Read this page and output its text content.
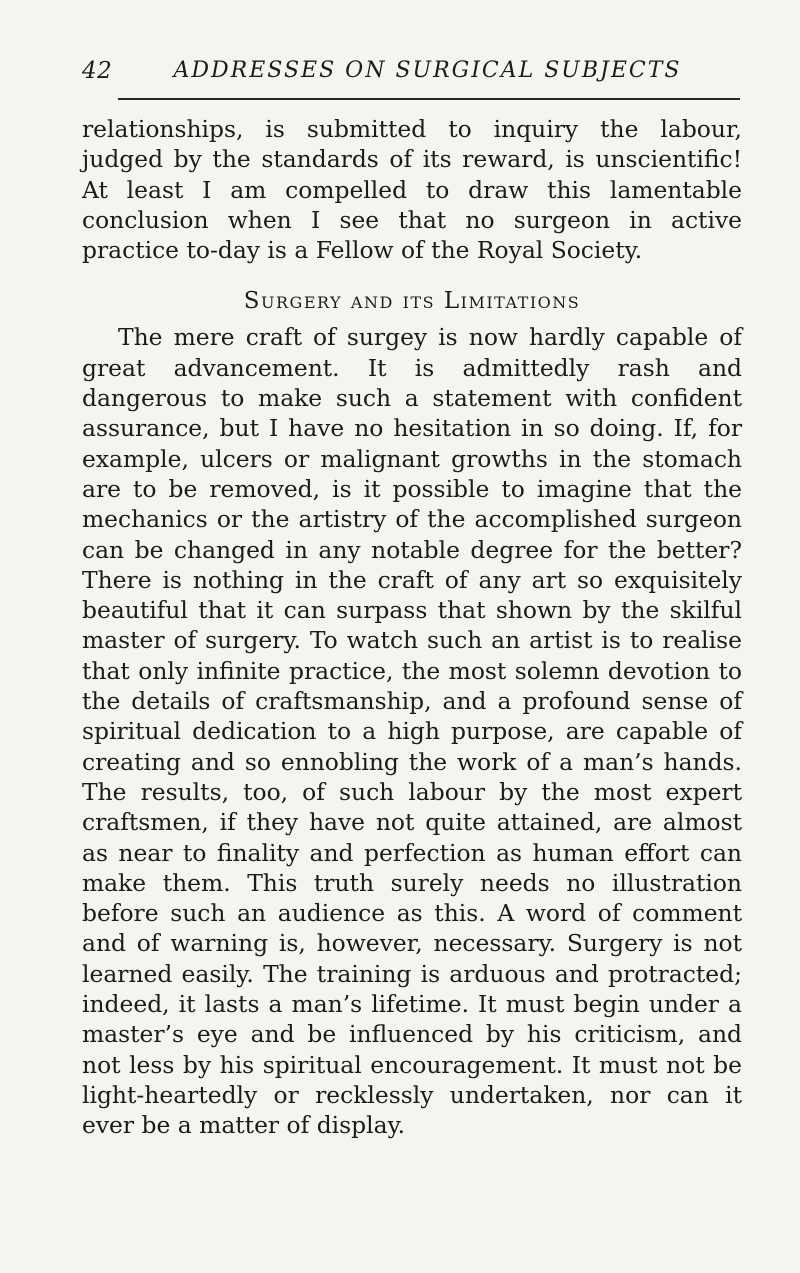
42	ADDRESSES ON SURGICAL SUBJECTS

relationships, is submitted to inquiry the labour, judged by the standards of its reward, is unscientific! At least I am compelled to draw this lamentable conclusion when I see that no surgeon in active practice to-day is a Fellow of the Royal Society.

Surgery and its Limitations

The mere craft of surgey is now hardly capable of great advancement. It is admittedly rash and dangerous to make such a statement with confident assurance, but I have no hesitation in so doing. If, for example, ulcers or malignant growths in the stomach are to be removed, is it possible to imagine that the mechanics or the artistry of the accomplished surgeon can be changed in any notable degree for the better? There is nothing in the craft of any art so exquisitely beautiful that it can surpass that shown by the skilful master of surgery. To watch such an artist is to realise that only infinite practice, the most solemn devotion to the details of craftsmanship, and a profound sense of spiritual dedication to a high purpose, are capable of creating and so ennobling the work of a man’s hands. The results, too, of such labour by the most expert craftsmen, if they have not quite attained, are almost as near to finality and perfection as human effort can make them. This truth surely needs no illustration before such an audience as this. A word of comment and of warning is, however, necessary. Surgery is not learned easily. The training is arduous and protracted; indeed, it lasts a man’s lifetime. It must begin under a master’s eye and be influenced by his criticism, and not less by his spiritual encouragement. It must not be light-heartedly or recklessly undertaken, nor can it ever be a matter of display.
